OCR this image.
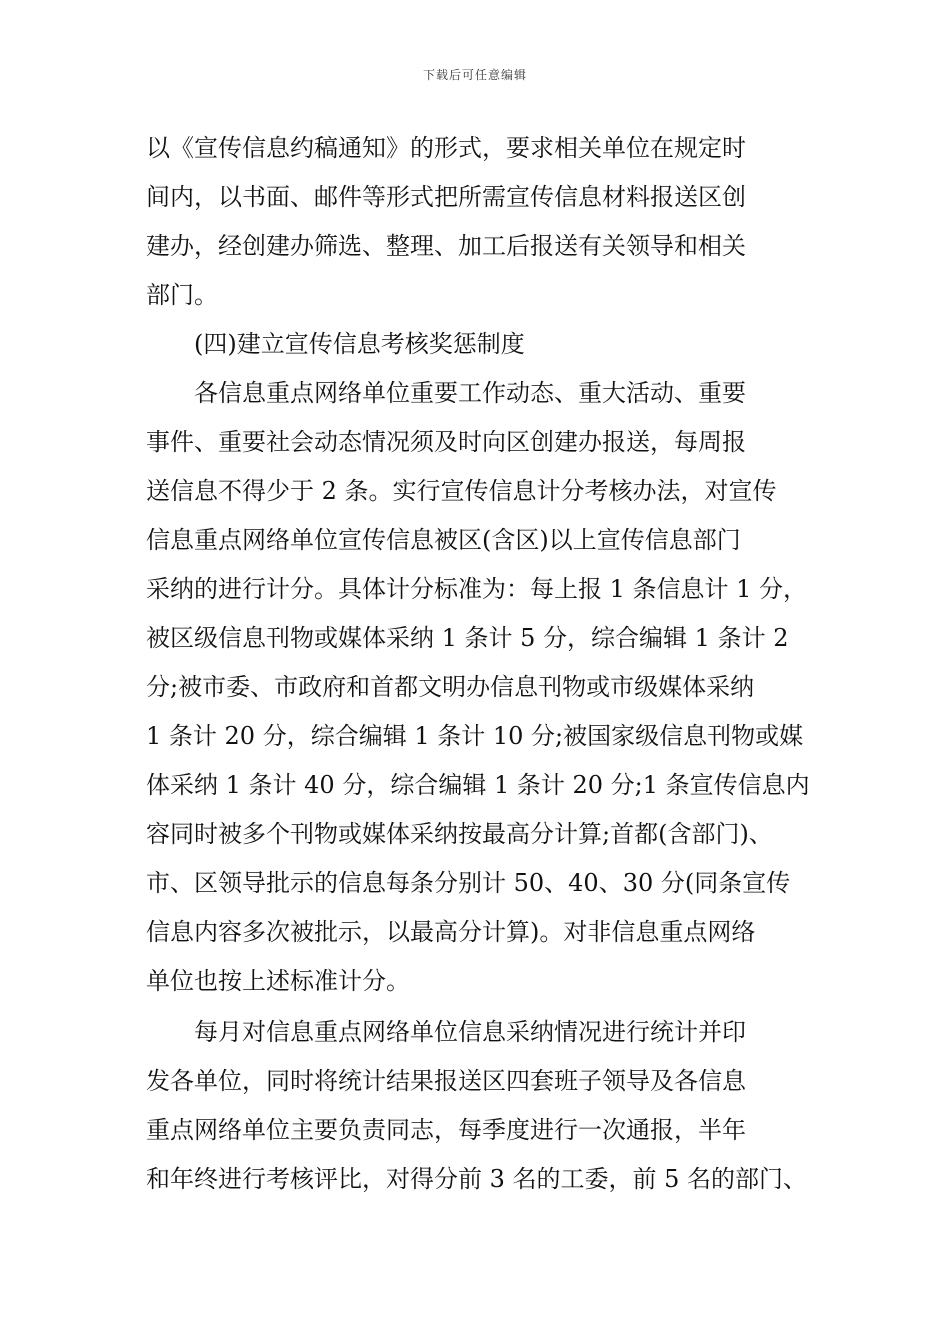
下载后可任意编辑
以《宣传信息约稿通知》的形式，要求相关单位在规定时
间内，以书面、邮件等形式把所需宣传信息材料报送区创
建办，经创建办筛选、整理、加工后报送有关领导和相关
部门。
　　(四)建立宣传信息考核奖惩制度
　　各信息重点网络单位重要工作动态、重大活动、重要
事件、重要社会动态情况须及时向区创建办报送，每周报
送信息不得少于 2 条。实行宣传信息计分考核办法，对宣传
信息重点网络单位宣传信息被区(含区)以上宣传信息部门
采纳的进行计分。具体计分标准为：每上报 1 条信息计 1 分，
被区级信息刊物或媒体采纳 1 条计 5 分，综合编辑 1 条计 2
分;被市委、市政府和首都文明办信息刊物或市级媒体采纳
1 条计 20 分，综合编辑 1 条计 10 分;被国家级信息刊物或媒
体采纳 1 条计 40 分，综合编辑 1 条计 20 分;1 条宣传信息内
容同时被多个刊物或媒体采纳按最高分计算;首都(含部门)、
市、区领导批示的信息每条分别计 50、40、30 分(同条宣传
信息内容多次被批示，以最高分计算)。对非信息重点网络
单位也按上述标准计分。
　　每月对信息重点网络单位信息采纳情况进行统计并印
发各单位，同时将统计结果报送区四套班子领导及各信息
重点网络单位主要负责同志，每季度进行一次通报，半年
和年终进行考核评比，对得分前 3 名的工委，前 5 名的部门、
